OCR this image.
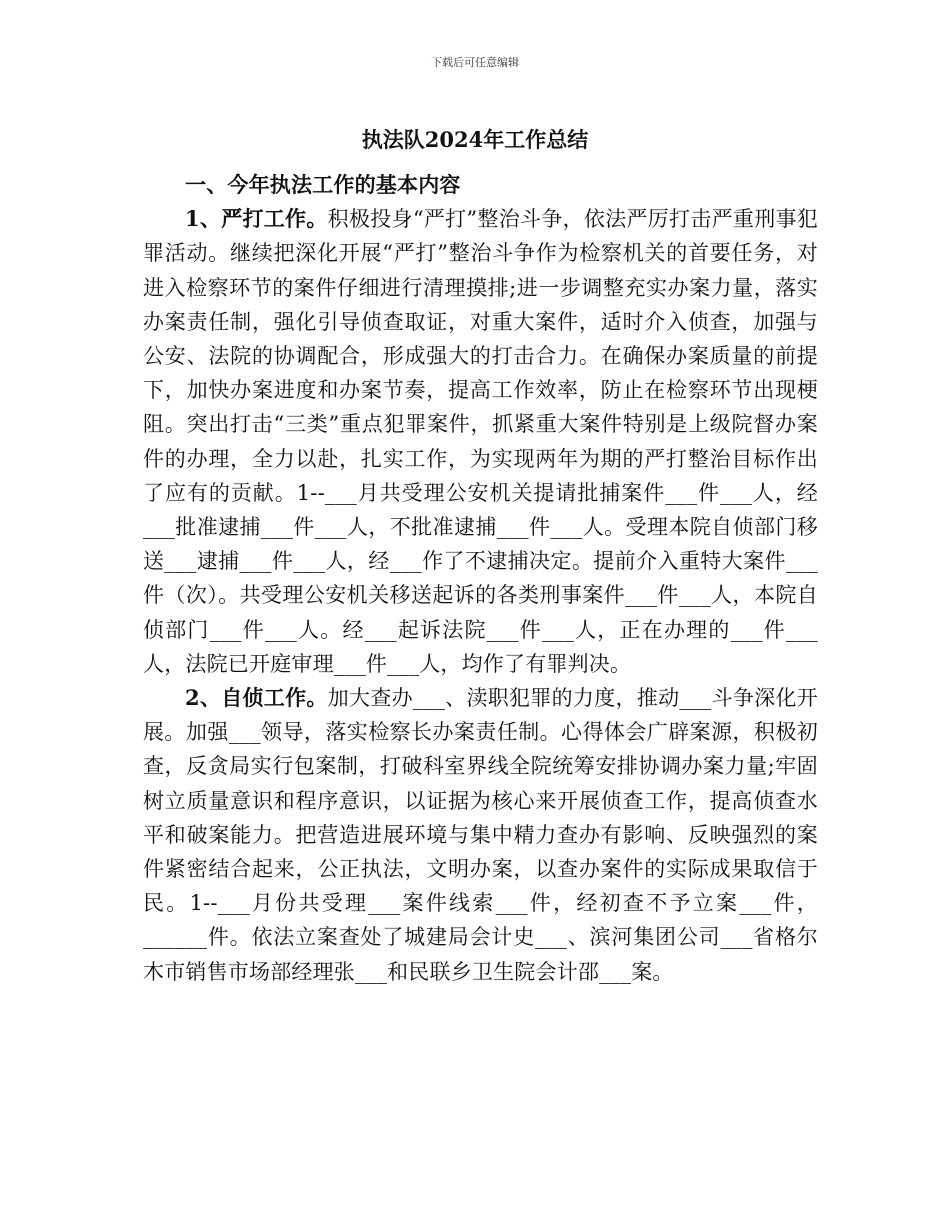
下载后可任意编辑
执法队2024年工作总结

一、今年执法工作的基本内容

1、严打工作。积极投身“严打”整治斗争，依法严厉打击严重刑事犯罪活动。继续把深化开展“严打”整治斗争作为检察机关的首要任务，对进入检察环节的案件仔细进行清理摸排;进一步调整充实办案力量，落实办案责任制，强化引导侦查取证，对重大案件，适时介入侦查，加强与公安、法院的协调配合，形成强大的打击合力。在确保办案质量的前提下，加快办案进度和办案节奏，提高工作效率，防止在检察环节出现梗阻。突出打击“三类”重点犯罪案件，抓紧重大案件特别是上级院督办案件的办理，全力以赴，扎实工作，为实现两年为期的严打整治目标作出了应有的贡献。1--___月共受理公安机关提请批捕案件___件___人，经___批准逮捕___件___人，不批准逮捕___件___人。受理本院自侦部门移送___逮捕___件___人，经___作了不逮捕决定。提前介入重特大案件___件（次）。共受理公安机关移送起诉的各类刑事案件___件___人，本院自侦部门___件___人。经___起诉法院___件___人，正在办理的___件___人，法院已开庭审理___件___人，均作了有罪判决。

2、自侦工作。加大查办___、渎职犯罪的力度，推动___斗争深化开展。加强___领导，落实检察长办案责任制。心得体会广辟案源，积极初查，反贪局实行包案制，打破科室界线全院统筹安排协调办案力量;牢固树立质量意识和程序意识，以证据为核心来开展侦查工作，提高侦查水平和破案能力。把营造进展环境与集中精力查办有影响、反映强烈的案件紧密结合起来，公正执法，文明办案，以查办案件的实际成果取信于民。1--___月份共受理___案件线索___件，经初查不予立案___件，______件。依法立案查处了城建局会计史___、滨河集团公司___省格尔木市销售市场部经理张___和民联乡卫生院会计邵___案。
